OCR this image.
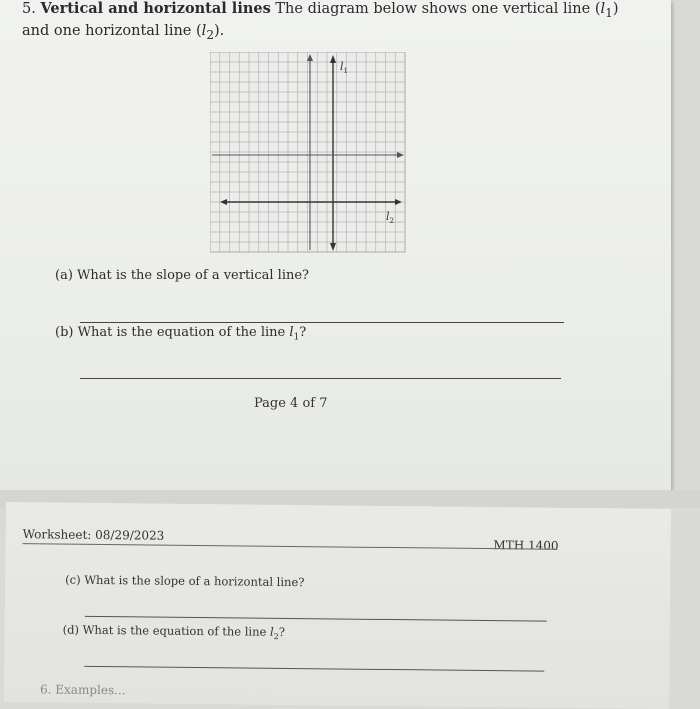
5. Vertical and horizontal lines The diagram below shows one vertical line $(l_1)$ and one horizontal line $(l_2)$.
$l_1$
$l_2$
(a) What is the slope of a vertical line?
(b) What is the equation of the line $l_1$?
Page 4 of 7
Worksheet: 08/29/2023
MTH 1400
(c) What is the slope of a horizontal line?
(d) What is the equation of the line $l_2$?
6. Examples...
